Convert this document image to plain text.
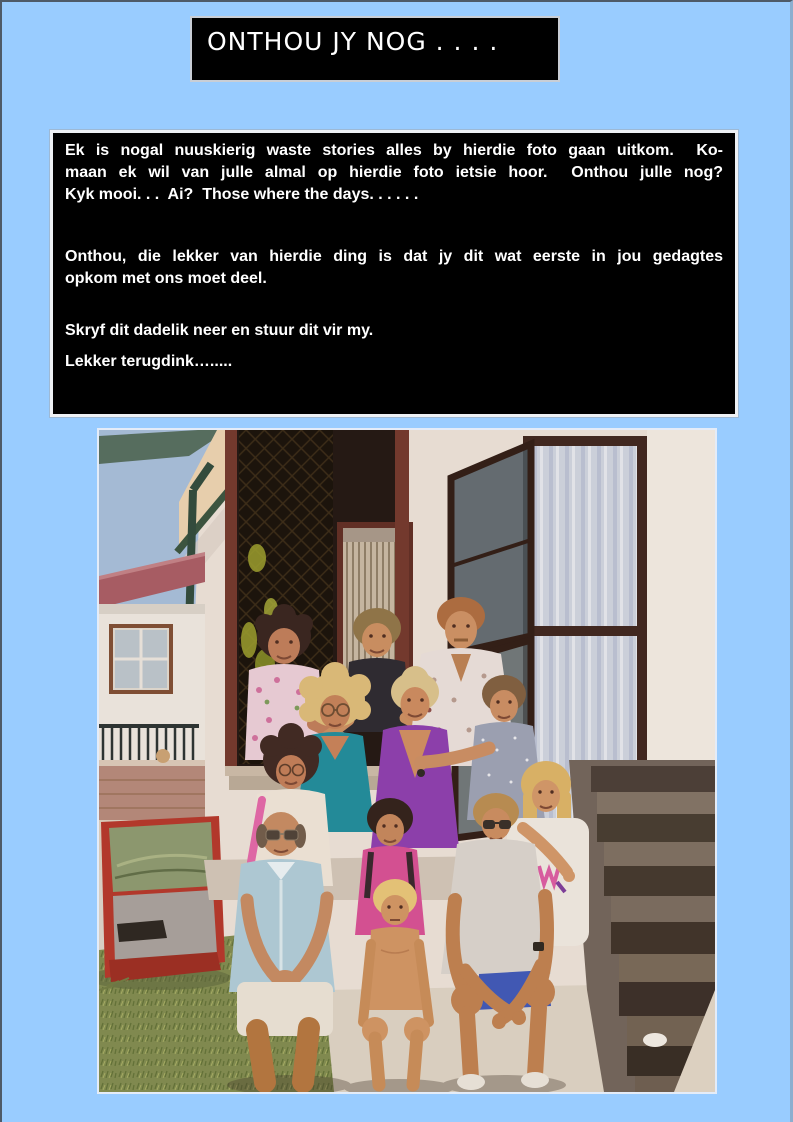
ONTHOU JY NOG . . . .
Ek is nogal nuuskierig waste stories alles by hierdie foto gaan uitkom.  Ko-
maan ek wil van julle almal op hierdie foto ietsie hoor.  Onthou julle nog?
Kyk mooi. . .  Ai?  Those where the days. . . . . .
Onthou, die lekker van hierdie ding is dat jy dit wat eerste in jou gedagtes
opkom met ons moet deel.
Skryf dit dadelik neer en stuur dit vir my.
Lekker terugdink….....
